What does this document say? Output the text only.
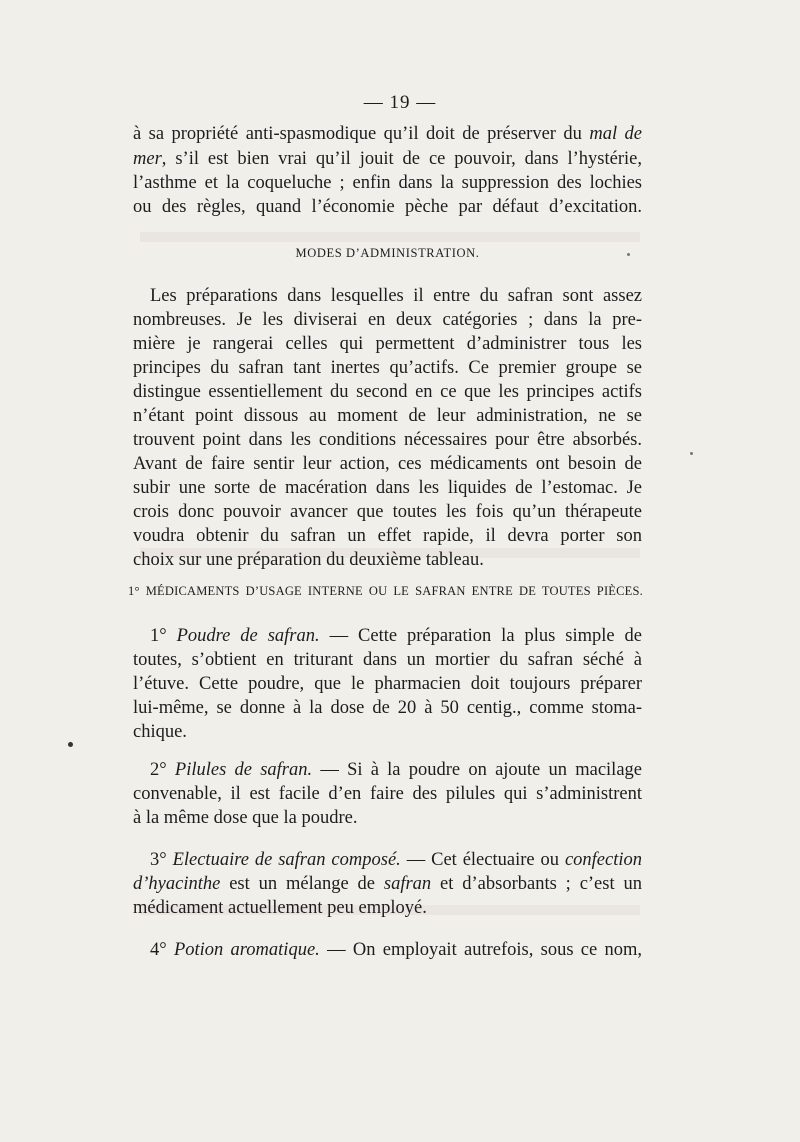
— 19 —
à sa propriété anti-spasmodique qu’il doit de préserver du mal de
mer, s’il est bien vrai qu’il jouit de ce pouvoir, dans l’hystérie,
l’asthme et la coqueluche ; enfin dans la suppression des lochies
ou des règles, quand l’économie pèche par défaut d’excitation.
MODES D’ADMINISTRATION.
Les préparations dans lesquelles il entre du safran sont assez
nombreuses. Je les diviserai en deux catégories ; dans la pre-
mière je rangerai celles qui permettent d’administrer tous les
principes du safran tant inertes qu’actifs. Ce premier groupe se
distingue essentiellement du second en ce que les principes actifs
n’étant point dissous au moment de leur administration, ne se
trouvent point dans les conditions nécessaires pour être absorbés.
Avant de faire sentir leur action, ces médicaments ont besoin de
subir une sorte de macération dans les liquides de l’estomac. Je
crois donc pouvoir avancer que toutes les fois qu’un thérapeute
voudra obtenir du safran un effet rapide, il devra porter son
choix sur une préparation du deuxième tableau.
1° MÉDICAMENTS D’USAGE INTERNE OU LE SAFRAN ENTRE DE TOUTES PIÈCES.
1° Poudre de safran. — Cette préparation la plus simple de
toutes, s’obtient en triturant dans un mortier du safran séché à
l’étuve. Cette poudre, que le pharmacien doit toujours préparer
lui-même, se donne à la dose de 20 à 50 centig., comme stoma-
chique.
2° Pilules de safran. — Si à la poudre on ajoute un macilage
convenable, il est facile d’en faire des pilules qui s’administrent
à la même dose que la poudre.
3° Electuaire de safran composé. — Cet électuaire ou confection
d’hyacinthe est un mélange de safran et d’absorbants ; c’est un
médicament actuellement peu employé.
4° Potion aromatique. — On employait autrefois, sous ce nom,
